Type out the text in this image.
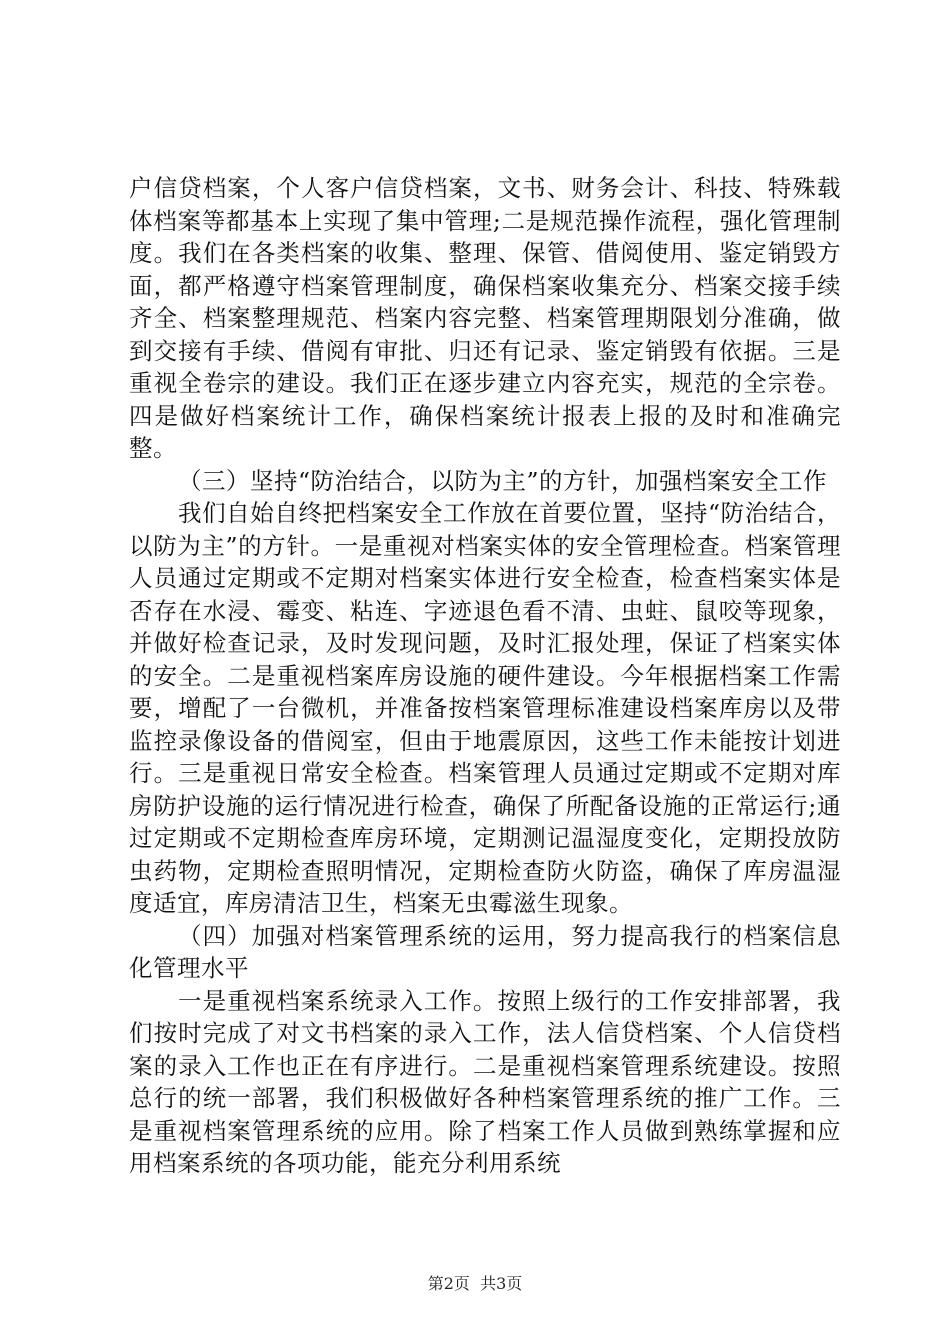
户信贷档案，个人客户信贷档案，文书、财务会计、科技、特殊载体档案等都基本上实现了集中管理;二是规范操作流程，强化管理制度。我们在各类档案的收集、整理、保管、借阅使用、鉴定销毁方面，都严格遵守档案管理制度，确保档案收集充分、档案交接手续齐全、档案整理规范、档案内容完整、档案管理期限划分准确，做到交接有手续、借阅有审批、归还有记录、鉴定销毁有依据。三是重视全卷宗的建设。我们正在逐步建立内容充实，规范的全宗卷。四是做好档案统计工作，确保档案统计报表上报的及时和准确完整。

（三）坚持“防治结合，以防为主”的方针，加强档案安全工作

我们自始自终把档案安全工作放在首要位置，坚持“防治结合，以防为主”的方针。一是重视对档案实体的安全管理检查。档案管理人员通过定期或不定期对档案实体进行安全检查，检查档案实体是否存在水浸、霉变、粘连、字迹退色看不清、虫蛀、鼠咬等现象，并做好检查记录，及时发现问题，及时汇报处理，保证了档案实体的安全。二是重视档案库房设施的硬件建设。今年根据档案工作需要，增配了一台微机，并准备按档案管理标准建设档案库房以及带监控录像设备的借阅室，但由于地震原因，这些工作未能按计划进行。三是重视日常安全检查。档案管理人员通过定期或不定期对库房防护设施的运行情况进行检查，确保了所配备设施的正常运行;通过定期或不定期检查库房环境，定期测记温湿度变化，定期投放防虫药物，定期检查照明情况，定期检查防火防盗，确保了库房温湿度适宜，库房清洁卫生，档案无虫霉滋生现象。

（四）加强对档案管理系统的运用，努力提高我行的档案信息化管理水平

一是重视档案系统录入工作。按照上级行的工作安排部署，我们按时完成了对文书档案的录入工作，法人信贷档案、个人信贷档案的录入工作也正在有序进行。二是重视档案管理系统建设。按照总行的统一部署，我们积极做好各种档案管理系统的推广工作。三是重视档案管理系统的应用。除了档案工作人员做到熟练掌握和应用档案系统的各项功能，能充分利用系统

第2页  共3页
